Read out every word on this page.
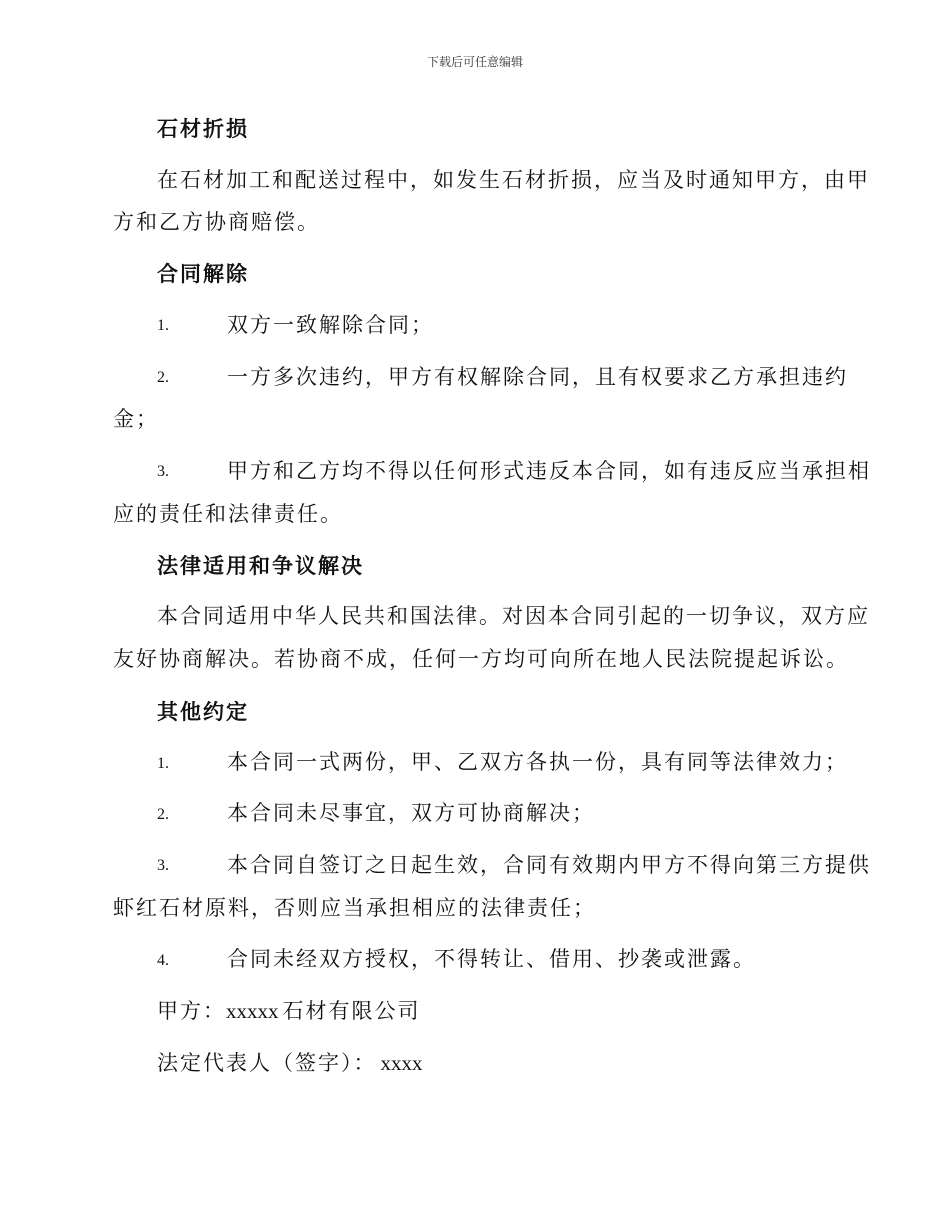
下载后可任意编辑
石材折损
在石材加工和配送过程中，如发生石材折损，应当及时通知甲方，由甲
方和乙方协商赔偿。
合同解除
1.	双方一致解除合同；
2.	一方多次违约，甲方有权解除合同，且有权要求乙方承担违约
金；
3.	甲方和乙方均不得以任何形式违反本合同，如有违反应当承担相
应的责任和法律责任。
法律适用和争议解决
本合同适用中华人民共和国法律。对因本合同引起的一切争议，双方应
友好协商解决。若协商不成，任何一方均可向所在地人民法院提起诉讼。
其他约定
1.	本合同一式两份，甲、乙双方各执一份，具有同等法律效力；
2.	本合同未尽事宜，双方可协商解决；
3.	本合同自签订之日起生效，合同有效期内甲方不得向第三方提供
虾红石材原料，否则应当承担相应的法律责任；
4.	合同未经双方授权，不得转让、借用、抄袭或泄露。
甲方：xxxxx 石材有限公司
法定代表人（签字）： xxxx
